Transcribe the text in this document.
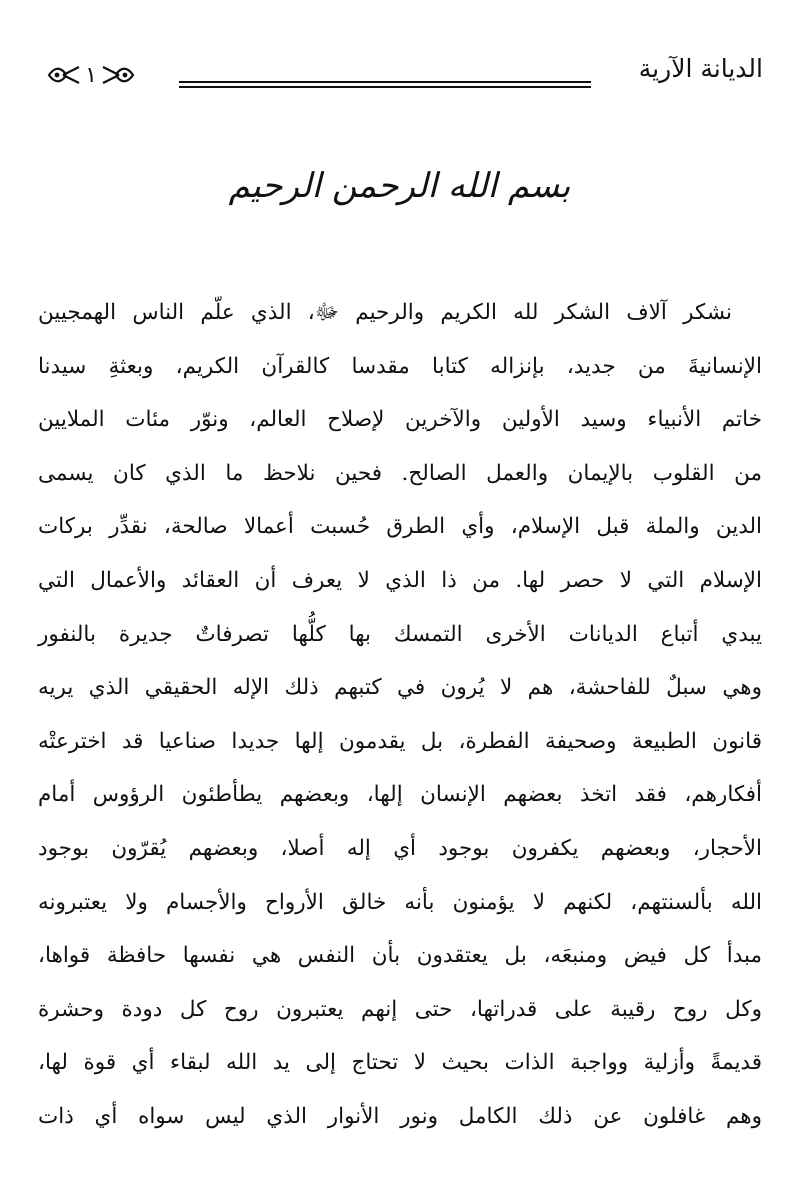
الديانة الآرية
١
بسم الله الرحمن الرحيم
نشكر آلاف الشكر لله الكريم والرحيم ﷻ، الذي علّم الناس الهمجيين
الإنسانيةَ من جديد، بإنزاله كتابا مقدسا كالقرآن الكريم، وبعثةِ سيدنا
خاتم الأنبياء وسيد الأولين والآخرين لإصلاح العالم، ونوّر مئات الملايين
من القلوب بالإيمان والعمل الصالح. فحين نلاحظ ما الذي كان يسمى
الدين والملة قبل الإسلام، وأي الطرق حُسبت أعمالا صالحة، نقدِّر بركات
الإسلام التي لا حصر لها. من ذا الذي لا يعرف أن العقائد والأعمال التي
يبدي أتباع الديانات الأخرى التمسك بها كلُّها تصرفاتٌ جديرة بالنفور
وهي سبلٌ للفاحشة، هم لا يُرون في كتبهم ذلك الإله الحقيقي الذي يريه
قانون الطبيعة وصحيفة الفطرة، بل يقدمون إلها جديدا صناعيا قد اخترعتْه
أفكارهم، فقد اتخذ بعضهم الإنسان إلها، وبعضهم يطأطئون الرؤوس أمام
الأحجار، وبعضهم يكفرون بوجود أي إله أصلا، وبعضهم يُقرّون بوجود
الله بألسنتهم، لكنهم لا يؤمنون بأنه خالق الأرواح والأجسام ولا يعتبرونه
مبدأ كل فيض ومنبعَه، بل يعتقدون بأن النفس هي نفسها حافظة قواها،
وكل روح رقيبة على قدراتها، حتى إنهم يعتبرون روح كل دودة وحشرة
قديمةً وأزلية وواجبة الذات بحيث لا تحتاج إلى يد الله لبقاء أي قوة لها،
وهم غافلون عن ذلك الكامل ونور الأنوار الذي ليس سواه أي ذات
